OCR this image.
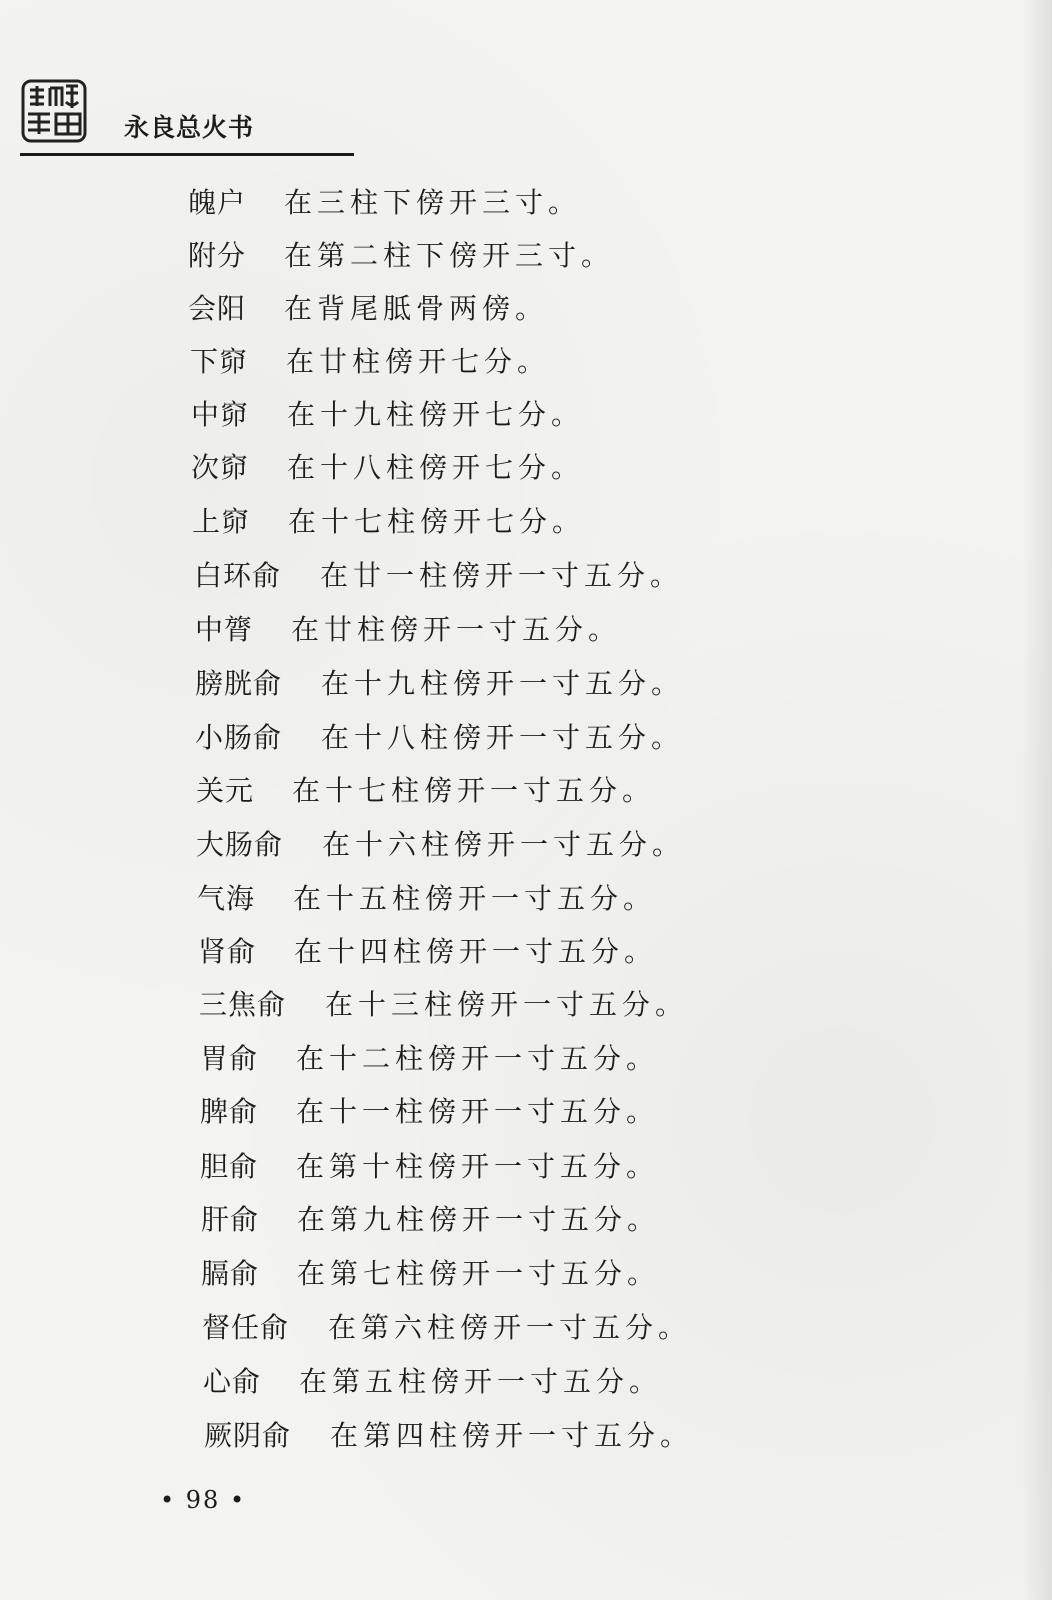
永良总火书
魄户 在三柱下傍开三寸。
附分 在第二柱下傍开三寸。
会阳 在背尾胝骨两傍。
下窌 在廿柱傍开七分。
中窌 在十九柱傍开七分。
次窌 在十八柱傍开七分。
上窌 在十七柱傍开七分。
白环俞 在廿一柱傍开一寸五分。
中膂 在廿柱傍开一寸五分。
膀胱俞 在十九柱傍开一寸五分。
小肠俞 在十八柱傍开一寸五分。
关元 在十七柱傍开一寸五分。
大肠俞 在十六柱傍开一寸五分。
气海 在十五柱傍开一寸五分。
肾俞 在十四柱傍开一寸五分。
三焦俞 在十三柱傍开一寸五分。
胃俞 在十二柱傍开一寸五分。
脾俞 在十一柱傍开一寸五分。
胆俞 在第十柱傍开一寸五分。
肝俞 在第九柱傍开一寸五分。
膈俞 在第七柱傍开一寸五分。
督任俞 在第六柱傍开一寸五分。
心俞 在第五柱傍开一寸五分。
厥阴俞 在第四柱傍开一寸五分。
• 98 •
